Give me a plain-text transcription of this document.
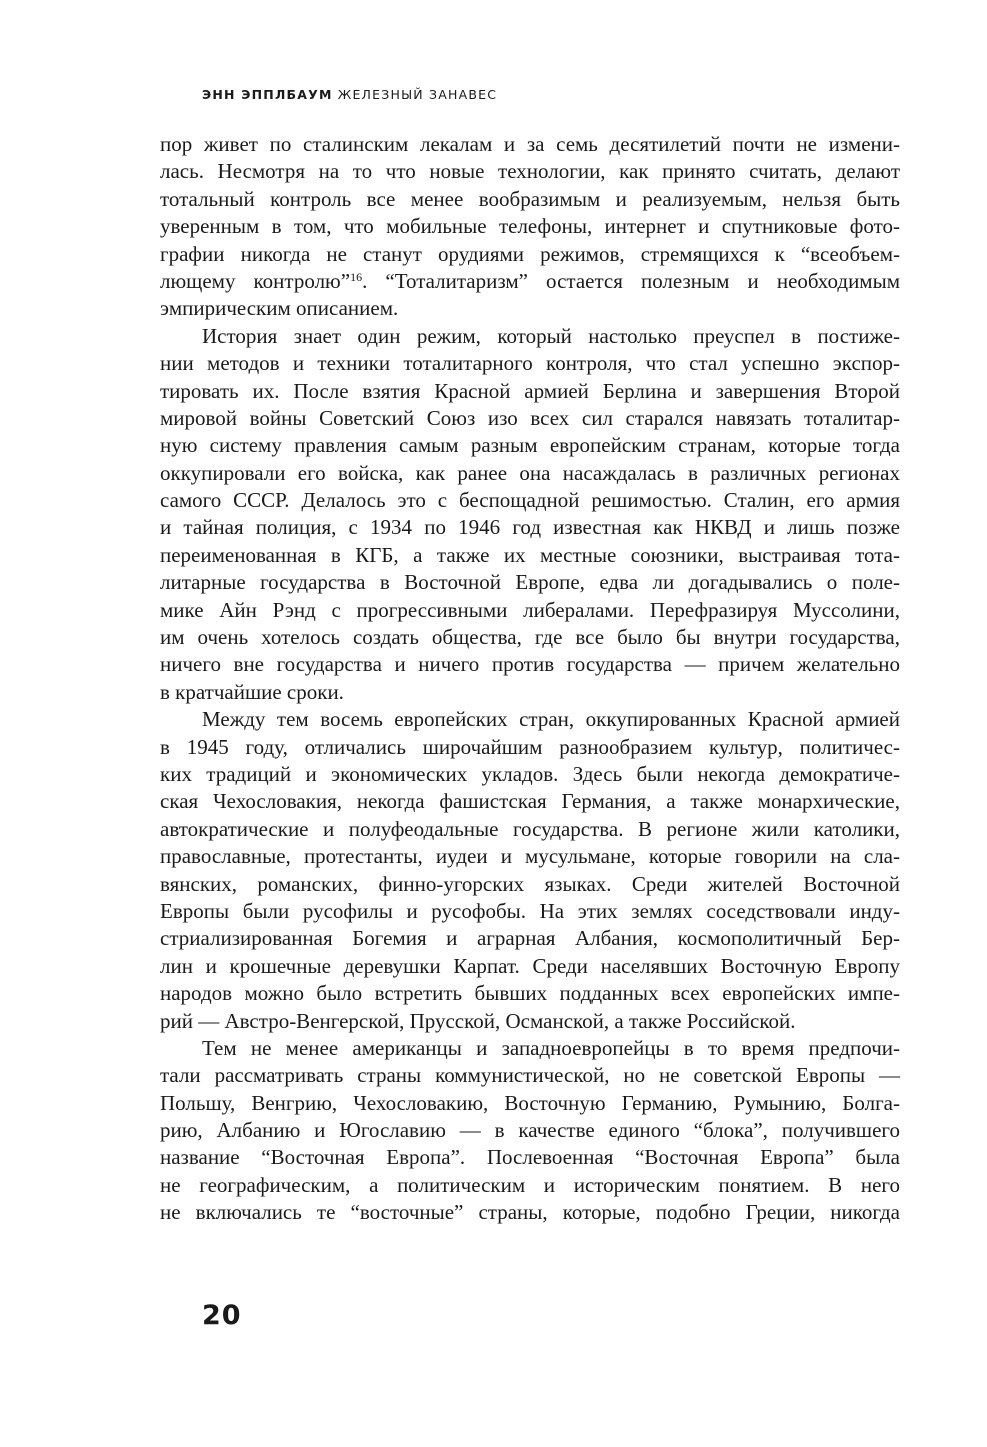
ЭНН ЭППЛБАУМ ЖЕЛЕЗНЫЙ ЗАНАВЕС
пор живет по сталинским лекалам и за семь десятилетий почти не измени-
лась. Несмотря на то что новые технологии, как принято считать, делают
тотальный контроль все менее вообразимым и реализуемым, нельзя быть
уверенным в том, что мобильные телефоны, интернет и спутниковые фото-
графии никогда не станут орудиями режимов, стремящихся к “всеобъем-
лющему контролю”$^{16}$. “Тоталитаризм” остается полезным и необходимым
эмпирическим описанием.
История знает один режим, который настолько преуспел в постиже-
нии методов и техники тоталитарного контроля, что стал успешно экспор-
тировать их. После взятия Красной армией Берлина и завершения Второй
мировой войны Советский Союз изо всех сил старался навязать тоталитар-
ную систему правления самым разным европейским странам, которые тогда
оккупировали его войска, как ранее она насаждалась в различных регионах
самого СССР. Делалось это с беспощадной решимостью. Сталин, его армия
и тайная полиция, с 1934 по 1946 год известная как НКВД и лишь позже
переименованная в КГБ, а также их местные союзники, выстраивая тота-
литарные государства в Восточной Европе, едва ли догадывались о поле-
мике Айн Рэнд с прогрессивными либералами. Перефразируя Муссолини,
им очень хотелось создать общества, где все было бы внутри государства,
ничего вне государства и ничего против государства — причем желательно
в кратчайшие сроки.
Между тем восемь европейских стран, оккупированных Красной армией
в 1945 году, отличались широчайшим разнообразием культур, политичес-
ких традиций и экономических укладов. Здесь были некогда демократиче-
ская Чехословакия, некогда фашистская Германия, а также монархические,
автократические и полуфеодальные государства. В регионе жили католики,
православные, протестанты, иудеи и мусульмане, которые говорили на сла-
вянских, романских, финно-угорских языках. Среди жителей Восточной
Европы были русофилы и русофобы. На этих землях соседствовали инду-
стриализированная Богемия и аграрная Албания, космополитичный Бер-
лин и крошечные деревушки Карпат. Среди населявших Восточную Европу
народов можно было встретить бывших подданных всех европейских импе-
рий — Австро-Венгерской, Прусской, Османской, а также Российской.
Тем не менее американцы и западноевропейцы в то время предпочи-
тали рассматривать страны коммунистической, но не советской Европы —
Польшу, Венгрию, Чехословакию, Восточную Германию, Румынию, Болга-
рию, Албанию и Югославию — в качестве единого “блока”, получившего
название “Восточная Европа”. Послевоенная “Восточная Европа” была
не географическим, а политическим и историческим понятием. В него
не включались те “восточные” страны, которые, подобно Греции, никогда
20
